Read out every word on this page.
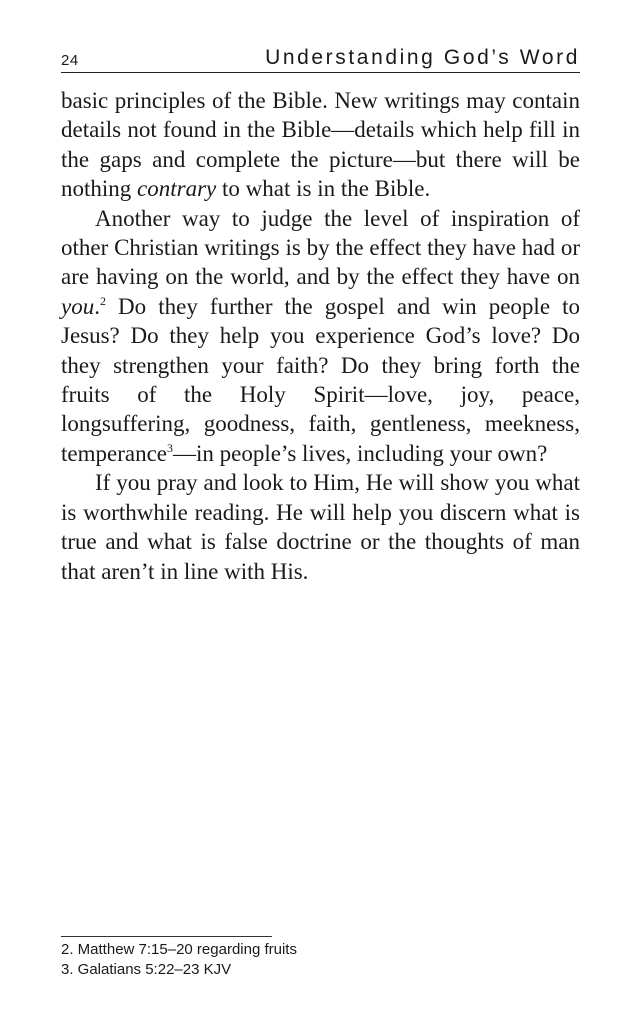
24	Understanding God’s Word

basic principles of the Bible. New writings may contain details not found in the Bible—details which help fill in the gaps and complete the picture—but there will be nothing contrary to what is in the Bible.

Another way to judge the level of inspiration of other Christian writings is by the effect they have had or are having on the world, and by the effect they have on you.$^2$ Do they further the gospel and win people to Jesus? Do they help you experience God’s love? Do they strengthen your faith? Do they bring forth the fruits of the Holy Spirit—love, joy, peace, longsuffering, goodness, faith, gentleness, meekness, temperance$^3$—in people’s lives, including your own?

If you pray and look to Him, He will show you what is worthwhile reading. He will help you discern what is true and what is false doctrine or the thoughts of man that aren’t in line with His.

2. Matthew 7:15–20 regarding fruits
3. Galatians 5:22–23 KJV
